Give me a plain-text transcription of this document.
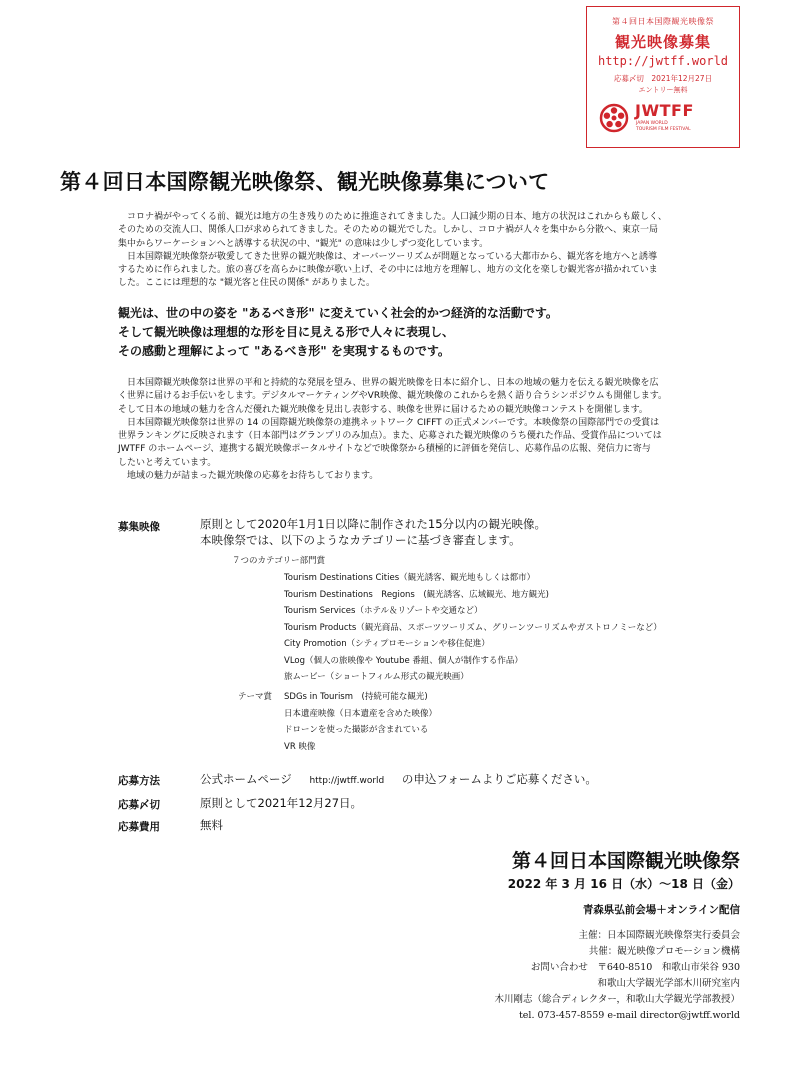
第４回日本国際観光映像祭
観光映像募集
http://jwtff.world
応募〆切　2021年12月27日
エントリー無料
JWTFF
JAPAN WORLD
TOURISM FILM FESTIVAL
第４回日本国際観光映像祭、観光映像募集について
　コロナ禍がやってくる前、観光は地方の生き残りのために推進されてきました。人口減少期の日本、地方の状況はこれからも厳しく、
そのための交流人口、関係人口が求められてきました。そのための観光でした。しかし、コロナ禍が人々を集中から分散へ、東京一局
集中からワーケーションへと誘導する状況の中、"観光" の意味は少しずつ変化しています。
　日本国際観光映像祭が敬愛してきた世界の観光映像は、オーバーツーリズムが問題となっている大都市から、観光客を地方へと誘導
するために作られました。旅の喜びを高らかに映像が歌い上げ、その中には地方を理解し、地方の文化を楽しむ観光客が描かれていま
した。ここには理想的な "観光客と住民の関係" がありました。
観光は、世の中の姿を "あるべき形" に変えていく社会的かつ経済的な活動です。
そして観光映像は理想的な形を目に見える形で人々に表現し、
その感動と理解によって "あるべき形" を実現するものです。
　日本国際観光映像祭は世界の平和と持続的な発展を望み、世界の観光映像を日本に紹介し、日本の地域の魅力を伝える観光映像を広
く世界に届けるお手伝いをします。デジタルマーケティングやVR映像、観光映像のこれからを熱く語り合うシンポジウムも開催します。
そして日本の地域の魅力を含んだ優れた観光映像を見出し表彰する、映像を世界に届けるための観光映像コンテストを開催します。
　日本国際観光映像祭は世界の 14 の国際観光映像祭の連携ネットワーク CIFFT の正式メンバーです。本映像祭の国際部門での受賞は
世界ランキングに反映されます（日本部門はグランプリのみ加点）。また、応募された観光映像のうち優れた作品、受賞作品については
JWTFF のホームページ、連携する観光映像ポータルサイトなどで映像祭から積極的に評価を発信し、応募作品の広報、発信力に寄与
したいと考えています。
　地域の魅力が詰まった観光映像の応募をお待ちしております。
募集映像	原則として2020年1月1日以降に制作された15分以内の観光映像。
本映像祭では、以下のようなカテゴリーに基づき審査します。
７つのカテゴリー部門賞
Tourism Destinations Cities（観光誘客、観光地もしくは都市）
Tourism Destinations　Regions　(観光誘客、広域観光、地方観光)
Tourism Services（ホテル＆リゾートや交通など）
Tourism Products（観光商品、スポーツツーリズム、グリーンツーリズムやガストロノミーなど）
City Promotion（シティプロモーションや移住促進）
VLog（個人の旅映像や Youtube 番組、個人が制作する作品）
旅ムービー（ショートフィルム形式の観光映画）
テーマ賞 SDGs in Tourism　(持続可能な観光)
日本遺産映像（日本遺産を含めた映像）
ドローンを使った撮影が含まれている
VR 映像
応募方法	公式ホームページ http://jwtff.world の申込フォームよりご応募ください。
応募〆切	原則として2021年12月27日。
応募費用	無料
第４回日本国際観光映像祭
2022 年 3 月 16 日（水）〜18 日（金）
青森県弘前会場＋オンライン配信
主催：日本国際観光映像祭実行委員会
共催：観光映像プロモーション機構
お問い合わせ　〒640-8510　和歌山市栄谷 930
和歌山大学観光学部木川研究室内
木川剛志（総合ディレクター，和歌山大学観光学部教授）
tel. 073-457-8559 e-mail director@jwtff.world
